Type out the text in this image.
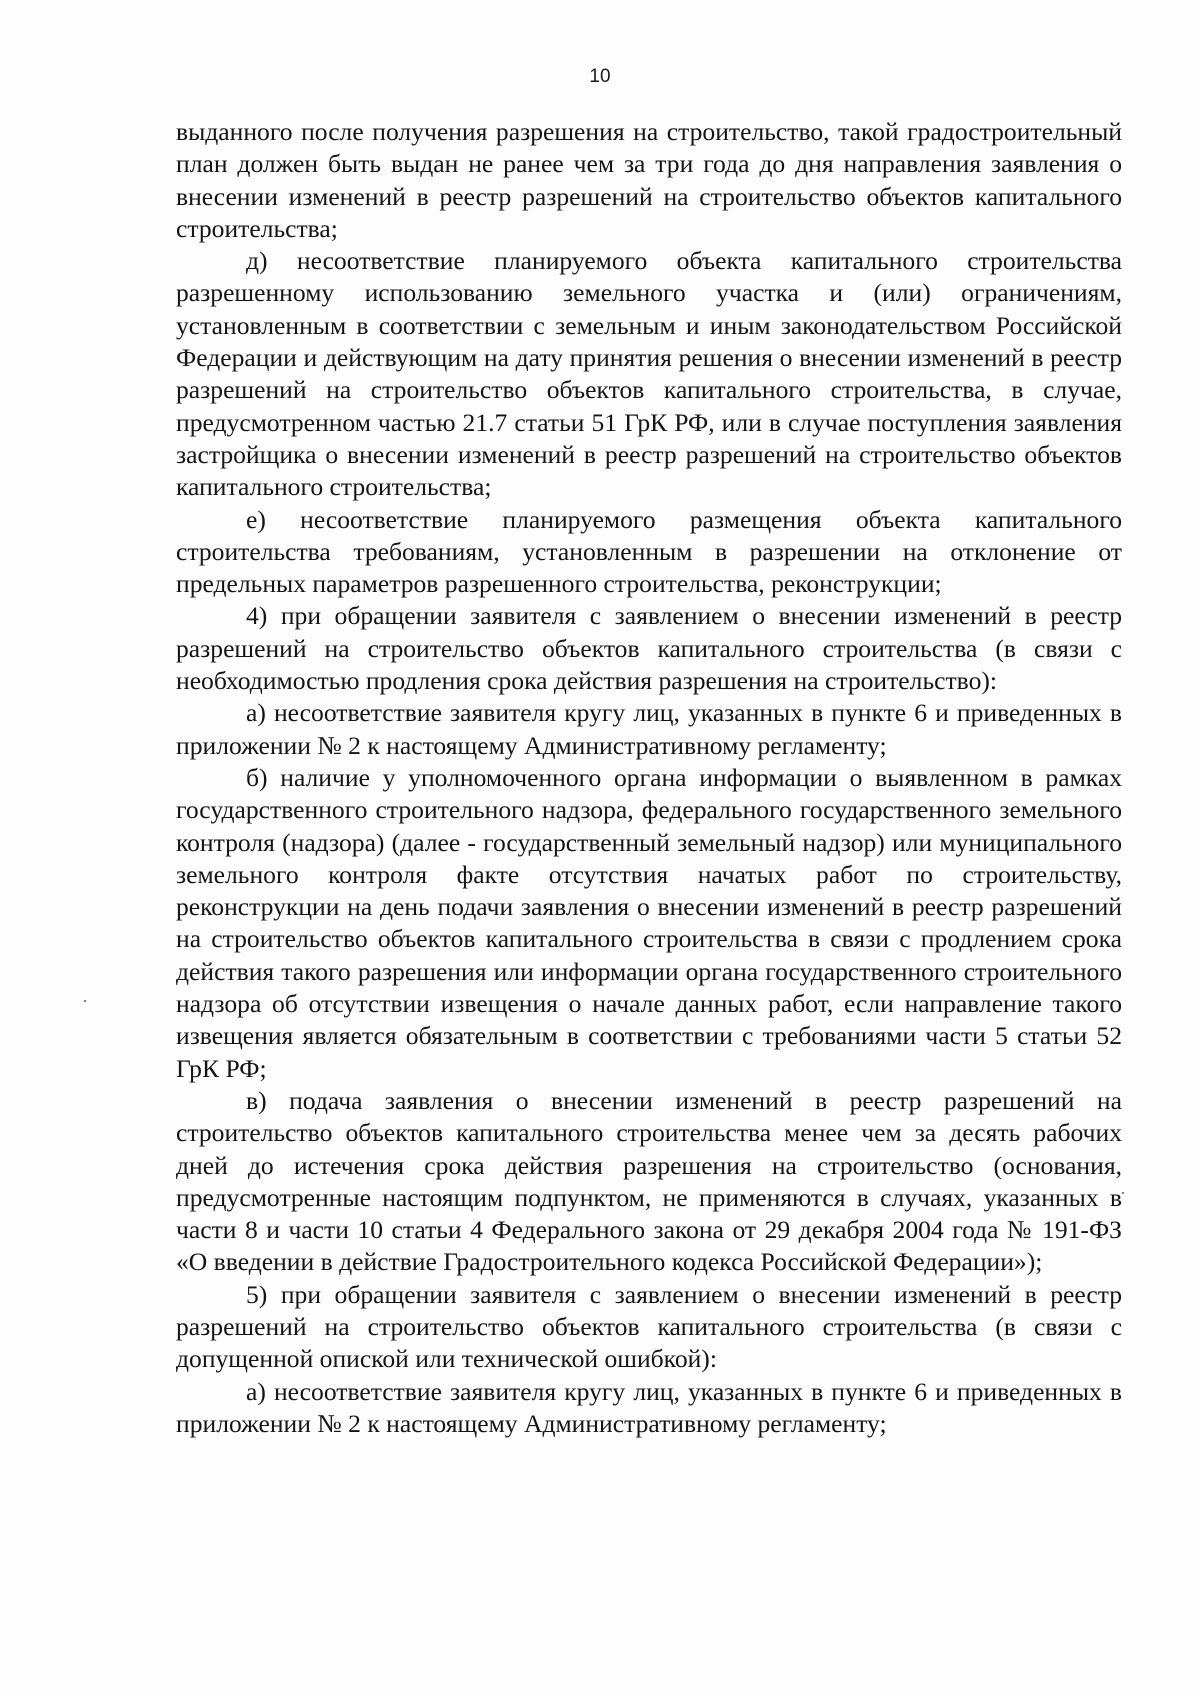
10

выданного после получения разрешения на строительство, такой градостроительный план должен быть выдан не ранее чем за три года до дня направления заявления о внесении изменений в реестр разрешений на строительство объектов капитального строительства;

д) несоответствие планируемого объекта капитального строительства разрешенному использованию земельного участка и (или) ограничениям, установленным в соответствии с земельным и иным законодательством Российской Федерации и действующим на дату принятия решения о внесении изменений в реестр разрешений на строительство объектов капитального строительства, в случае, предусмотренном частью 21.7 статьи 51 ГрК РФ, или в случае поступления заявления застройщика о внесении изменений в реестр разрешений на строительство объектов капитального строительства;

е) несоответствие планируемого размещения объекта капитального строительства требованиям, установленным в разрешении на отклонение от предельных параметров разрешенного строительства, реконструкции;

4) при обращении заявителя с заявлением о внесении изменений в реестр разрешений на строительство объектов капитального строительства (в связи с необходимостью продления срока действия разрешения на строительство):

а) несоответствие заявителя кругу лиц, указанных в пункте 6 и приведенных в приложении № 2 к настоящему Административному регламенту;

б) наличие у уполномоченного органа информации о выявленном в рамках государственного строительного надзора, федерального государственного земельного контроля (надзора) (далее - государственный земельный надзор) или муниципального земельного контроля факте отсутствия начатых работ по строительству, реконструкции на день подачи заявления о внесении изменений в реестр разрешений на строительство объектов капитального строительства в связи с продлением срока действия такого разрешения или информации органа государственного строительного надзора об отсутствии извещения о начале данных работ, если направление такого извещения является обязательным в соответствии с требованиями части 5 статьи 52 ГрК РФ;

в) подача заявления о внесении изменений в реестр разрешений на строительство объектов капитального строительства менее чем за десять рабочих дней до истечения срока действия разрешения на строительство (основания, предусмотренные настоящим подпунктом, не применяются в случаях, указанных в части 8 и части 10 статьи 4 Федерального закона от 29 декабря 2004 года № 191-ФЗ «О введении в действие Градостроительного кодекса Российской Федерации»);

5) при обращении заявителя с заявлением о внесении изменений в реестр разрешений на строительство объектов капитального строительства (в связи с допущенной опиской или технической ошибкой):

а) несоответствие заявителя кругу лиц, указанных в пункте 6 и приведенных в приложении № 2 к настоящему Административному регламенту;
